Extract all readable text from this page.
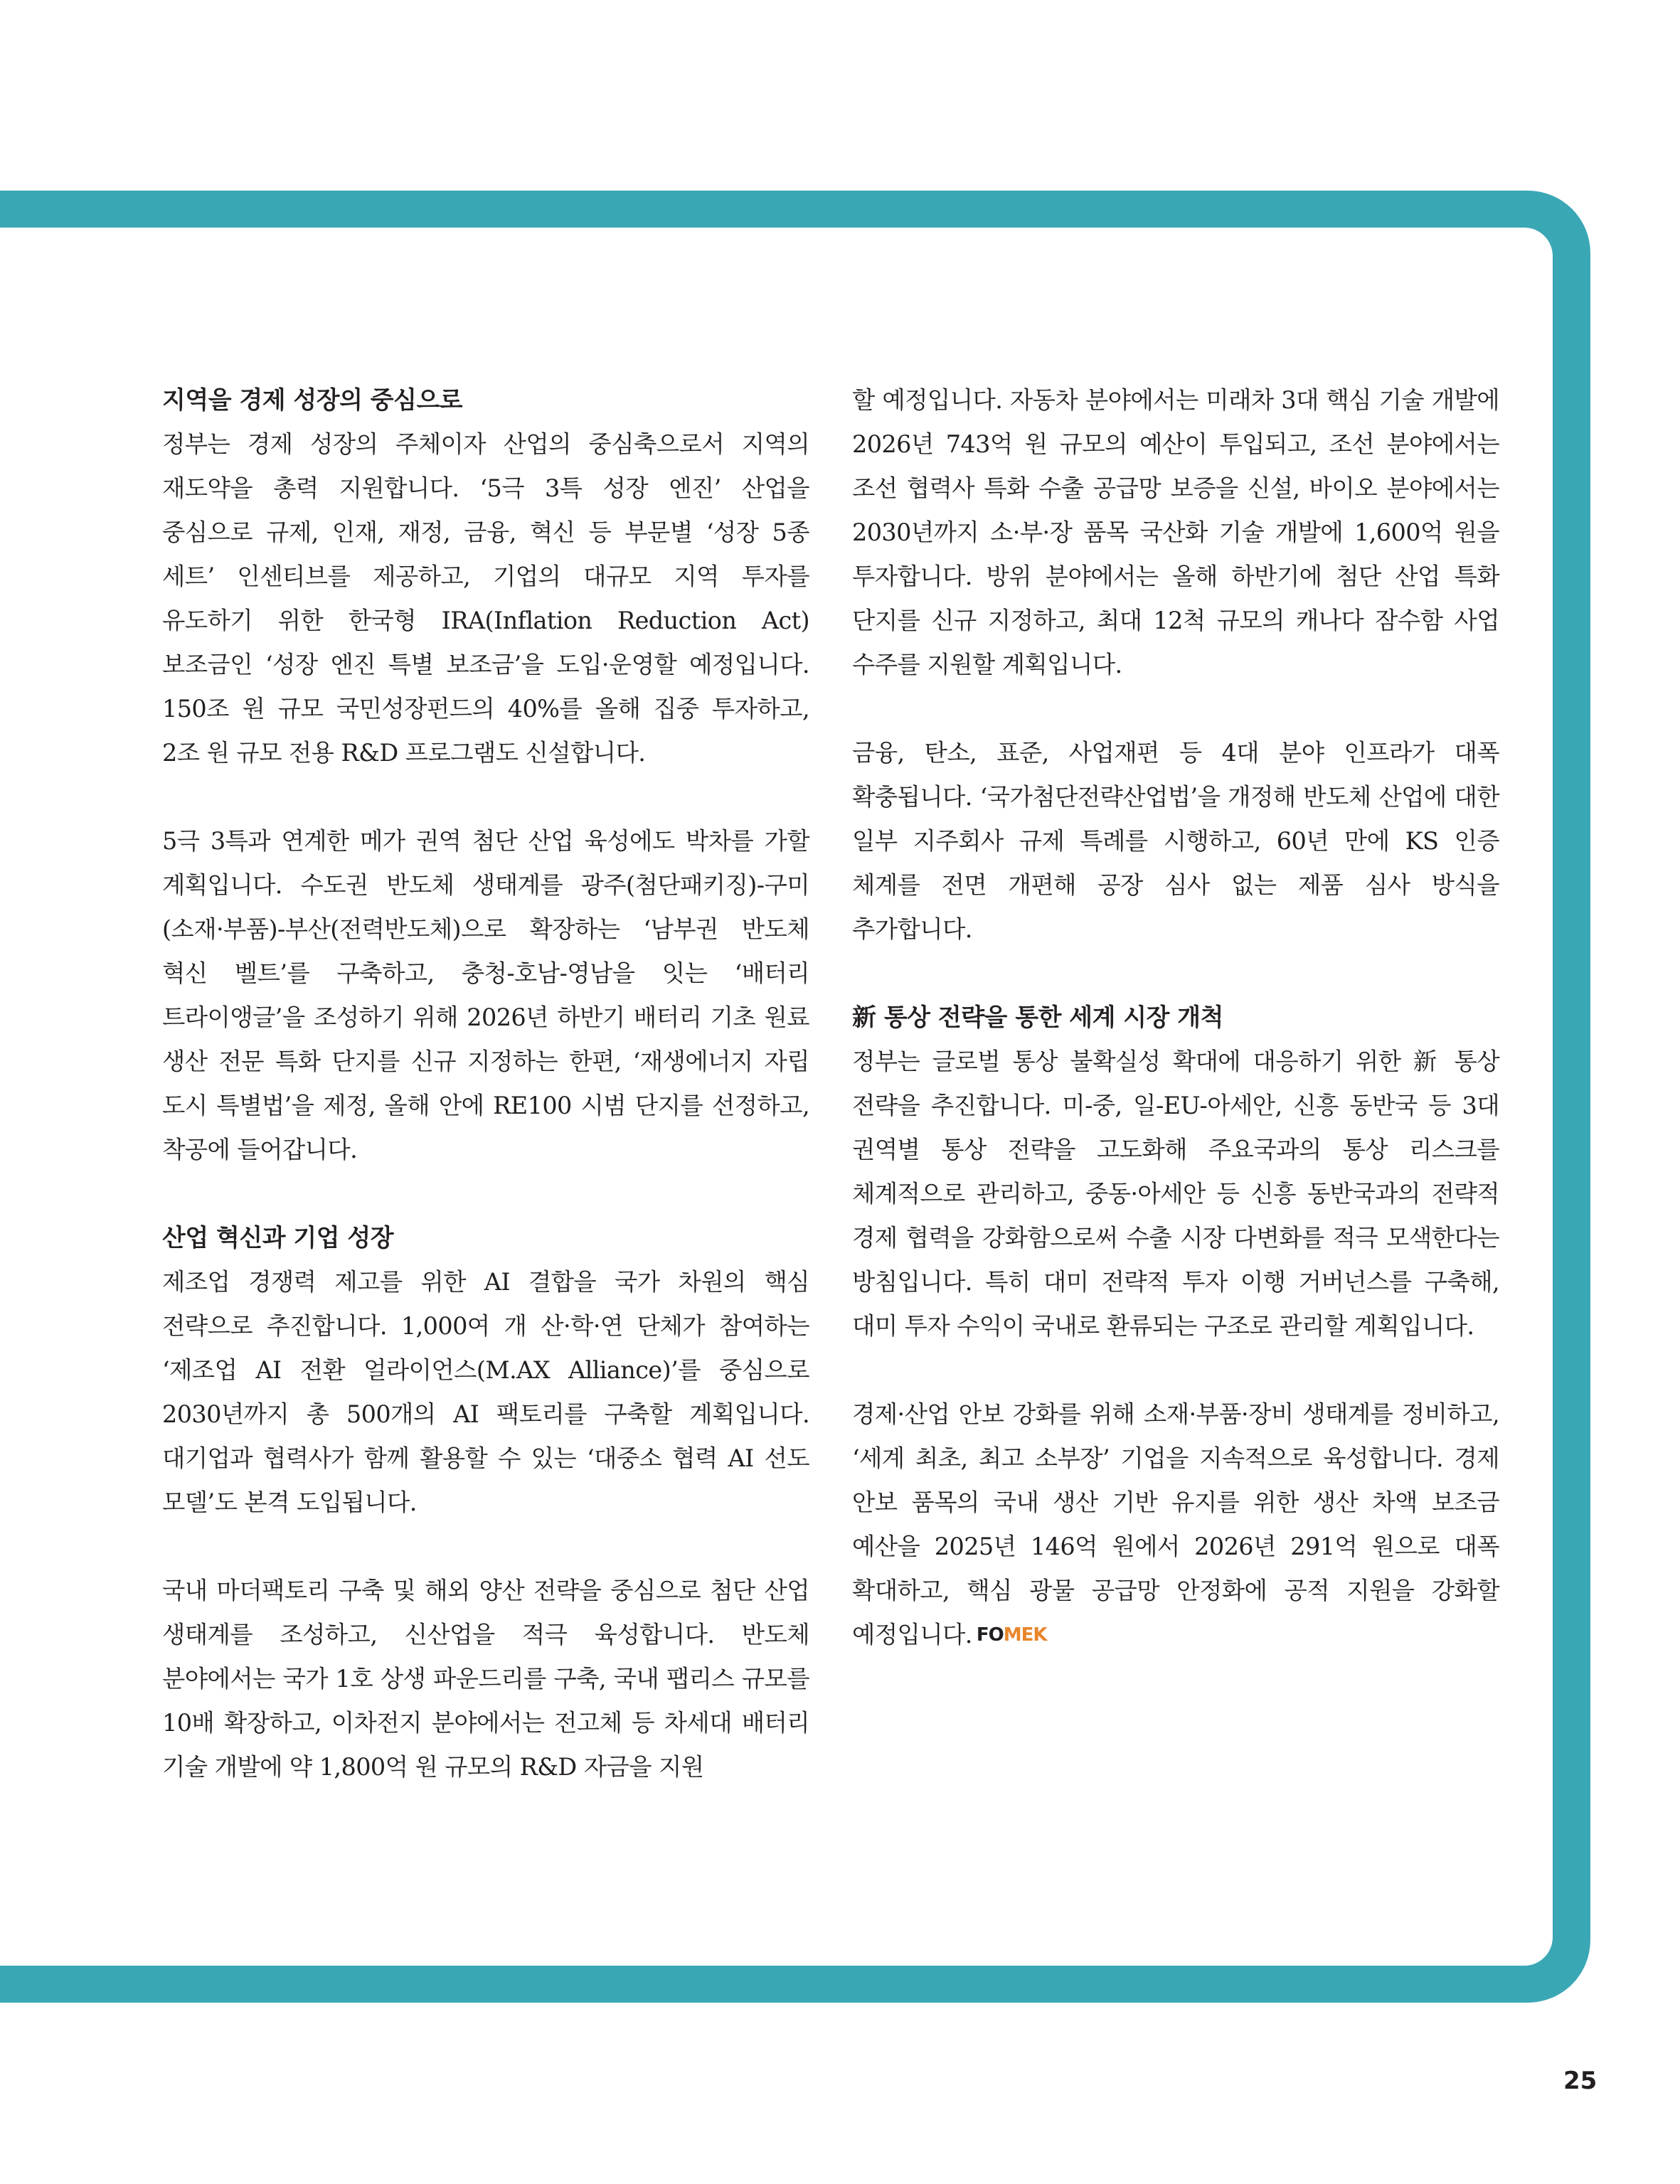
지역을 경제 성장의 중심으로

정부는 경제 성장의 주체이자 산업의 중심축으로서 지역의 재도약을 총력 지원합니다. ‘5극 3특 성장 엔진’ 산업을 중심으로 규제, 인재, 재정, 금융, 혁신 등 부문별 ‘성장 5종 세트’ 인센티브를 제공하고, 기업의 대규모 지역 투자를 유도하기 위한 한국형 IRA(Inflation Reduction Act) 보조금인 ‘성장 엔진 특별 보조금’을 도입·운영할 예정입니다. 150조 원 규모 국민성장펀드의 40%를 올해 집중 투자하고, 2조 원 규모 전용 R&D 프로그램도 신설합니다.

5극 3특과 연계한 메가 권역 첨단 산업 육성에도 박차를 가할 계획입니다. 수도권 반도체 생태계를 광주(첨단패키징)-구미(소재·부품)-부산(전력반도체)으로 확장하는 ‘남부권 반도체 혁신 벨트’를 구축하고, 충청-호남-영남을 잇는 ‘배터리 트라이앵글’을 조성하기 위해 2026년 하반기 배터리 기초 원료 생산 전문 특화 단지를 신규 지정하는 한편, ‘재생에너지 자립 도시 특별법’을 제정, 올해 안에 RE100 시범 단지를 선정하고, 착공에 들어갑니다.

산업 혁신과 기업 성장

제조업 경쟁력 제고를 위한 AI 결합을 국가 차원의 핵심 전략으로 추진합니다. 1,000여 개 산·학·연 단체가 참여하는 ‘제조업 AI 전환 얼라이언스(M.AX Alliance)’를 중심으로 2030년까지 총 500개의 AI 팩토리를 구축할 계획입니다. 대기업과 협력사가 함께 활용할 수 있는 ‘대중소 협력 AI 선도 모델’도 본격 도입됩니다.

국내 마더팩토리 구축 및 해외 양산 전략을 중심으로 첨단 산업 생태계를 조성하고, 신산업을 적극 육성합니다. 반도체 분야에서는 국가 1호 상생 파운드리를 구축, 국내 팹리스 규모를 10배 확장하고, 이차전지 분야에서는 전고체 등 차세대 배터리 기술 개발에 약 1,800억 원 규모의 R&D 자금을 지원

할 예정입니다. 자동차 분야에서는 미래차 3대 핵심 기술 개발에 2026년 743억 원 규모의 예산이 투입되고, 조선 분야에서는 조선 협력사 특화 수출 공급망 보증을 신설, 바이오 분야에서는 2030년까지 소·부·장 품목 국산화 기술 개발에 1,600억 원을 투자합니다. 방위 분야에서는 올해 하반기에 첨단 산업 특화 단지를 신규 지정하고, 최대 12척 규모의 캐나다 잠수함 사업 수주를 지원할 계획입니다.

금융, 탄소, 표준, 사업재편 등 4대 분야 인프라가 대폭 확충됩니다. ‘국가첨단전략산업법’을 개정해 반도체 산업에 대한 일부 지주회사 규제 특례를 시행하고, 60년 만에 KS 인증 체계를 전면 개편해 공장 심사 없는 제품 심사 방식을 추가합니다.

新 통상 전략을 통한 세계 시장 개척

정부는 글로벌 통상 불확실성 확대에 대응하기 위한 新 통상 전략을 추진합니다. 미-중, 일-EU-아세안, 신흥 동반국 등 3대 권역별 통상 전략을 고도화해 주요국과의 통상 리스크를 체계적으로 관리하고, 중동·아세안 등 신흥 동반국과의 전략적 경제 협력을 강화함으로써 수출 시장 다변화를 적극 모색한다는 방침입니다. 특히 대미 전략적 투자 이행 거버넌스를 구축해, 대미 투자 수익이 국내로 환류되는 구조로 관리할 계획입니다.

경제·산업 안보 강화를 위해 소재·부품·장비 생태계를 정비하고, ‘세계 최초, 최고 소부장’ 기업을 지속적으로 육성합니다. 경제 안보 품목의 국내 생산 기반 유지를 위한 생산 차액 보조금 예산을 2025년 146억 원에서 2026년 291억 원으로 대폭 확대하고, 핵심 광물 공급망 안정화에 공적 지원을 강화할 예정입니다. FOMEK

25
